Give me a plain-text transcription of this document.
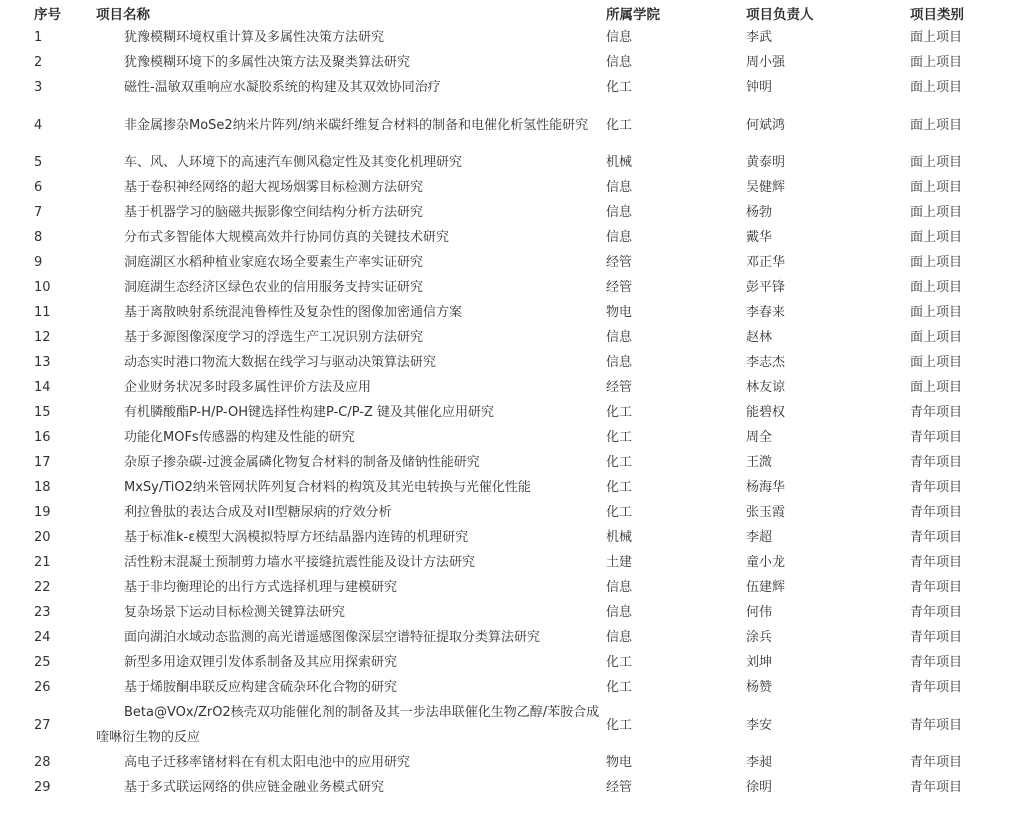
序号	项目名称	所属学院	项目负责人	项目类别
1	犹豫模糊环境权重计算及多属性决策方法研究	信息	李武	面上项目
2	犹豫模糊环境下的多属性决策方法及聚类算法研究	信息	周小强	面上项目
3	磁性-温敏双重响应水凝胶系统的构建及其双效协同治疗	化工	钟明	面上项目
4	非金属掺杂MoSe2纳米片阵列/纳米碳纤维复合材料的制备和电催化析氢性能研究	化工	何斌鸿	面上项目
5	车、风、人环境下的高速汽车侧风稳定性及其变化机理研究	机械	黄泰明	面上项目
6	基于卷积神经网络的超大视场烟雾目标检测方法研究	信息	吴健辉	面上项目
7	基于机器学习的脑磁共振影像空间结构分析方法研究	信息	杨勃	面上项目
8	分布式多智能体大规模高效并行协同仿真的关键技术研究	信息	戴华	面上项目
9	洞庭湖区水稻种植业家庭农场全要素生产率实证研究	经管	邓正华	面上项目
10	洞庭湖生态经济区绿色农业的信用服务支持实证研究	经管	彭平锋	面上项目
11	基于离散映射系统混沌鲁棒性及复杂性的图像加密通信方案	物电	李春来	面上项目
12	基于多源图像深度学习的浮选生产工况识别方法研究	信息	赵林	面上项目
13	动态实时港口物流大数据在线学习与驱动决策算法研究	信息	李志杰	面上项目
14	企业财务状况多时段多属性评价方法及应用	经管	林友谅	面上项目
15	有机膦酸酯P-H/P-OH键选择性构建P-C/P-Z 键及其催化应用研究	化工	能碧权	青年项目
16	功能化MOFs传感器的构建及性能的研究	化工	周全	青年项目
17	杂原子掺杂碳-过渡金属磷化物复合材料的制备及储钠性能研究	化工	王溦	青年项目
18	MxSy/TiO2纳米管网状阵列复合材料的构筑及其光电转换与光催化性能	化工	杨海华	青年项目
19	利拉鲁肽的表达合成及对II型糖尿病的疗效分析	化工	张玉霞	青年项目
20	基于标准k-ε模型大涡模拟特厚方坯结晶器内连铸的机理研究	机械	李超	青年项目
21	活性粉末混凝土预制剪力墙水平接缝抗震性能及设计方法研究	土建	童小龙	青年项目
22	基于非均衡理论的出行方式选择机理与建模研究	信息	伍建辉	青年项目
23	复杂场景下运动目标检测关键算法研究	信息	何伟	青年项目
24	面向湖泊水域动态监测的高光谱遥感图像深层空谱特征提取分类算法研究	信息	涂兵	青年项目
25	新型多用途双锂引发体系制备及其应用探索研究	化工	刘坤	青年项目
26	基于烯胺酮串联反应构建含硫杂环化合物的研究	化工	杨赞	青年项目
27	Beta@VOx/ZrO2核壳双功能催化剂的制备及其一步法串联催化生物乙醇/苯胺合成喹啉衍生物的反应	化工	李安	青年项目
28	高电子迁移率锗材料在有机太阳电池中的应用研究	物电	李昶	青年项目
29	基于多式联运网络的供应链金融业务模式研究	经管	徐明	青年项目
